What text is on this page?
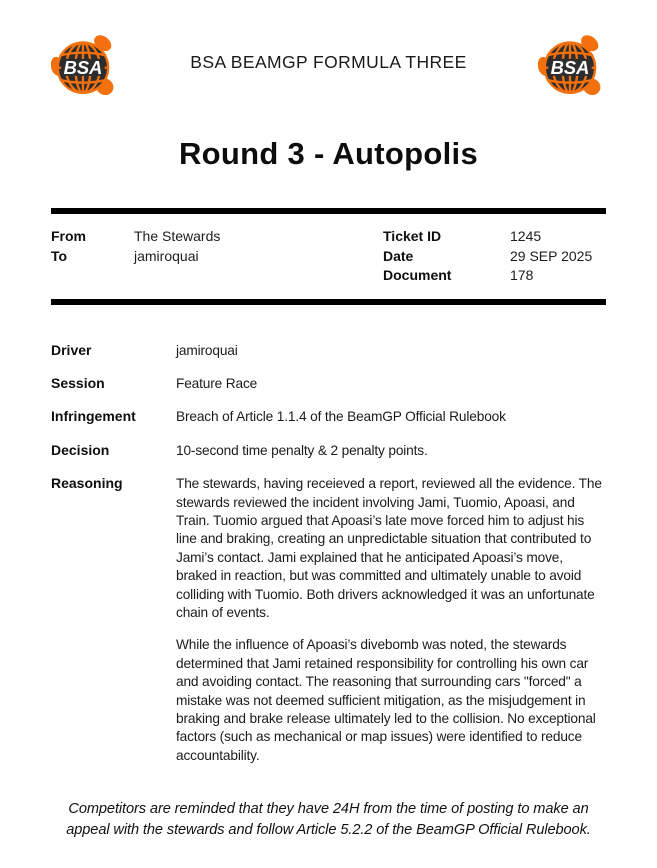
BSA	BSA BEAMGP FORMULA THREE	BSA
Round 3 - Autopolis
From	The Stewards
To	jamiroquai
Ticket ID	1245
Date	29 SEP 2025
Document	178
Driver	jamiroquai
Session	Feature Race
Infringement	Breach of Article 1.1.4 of the BeamGP Official Rulebook
Decision	10-second time penalty & 2 penalty points.
Reasoning	The stewards, having receieved a report, reviewed all the evidence. The stewards reviewed the incident involving Jami, Tuomio, Apoasi, and Train. Tuomio argued that Apoasi’s late move forced him to adjust his line and braking, creating an unpredictable situation that contributed to Jami’s contact. Jami explained that he anticipated Apoasi’s move, braked in reaction, but was committed and ultimately unable to avoid colliding with Tuomio. Both drivers acknowledged it was an unfortunate chain of events.

While the influence of Apoasi’s divebomb was noted, the stewards determined that Jami retained responsibility for controlling his own car and avoiding contact. The reasoning that surrounding cars "forced" a mistake was not deemed sufficient mitigation, as the misjudgement in braking and brake release ultimately led to the collision. No exceptional factors (such as mechanical or map issues) were identified to reduce accountability.

Competitors are reminded that they have 24H from the time of posting to make an appeal with the stewards and follow Article 5.2.2 of the BeamGP Official Rulebook.
